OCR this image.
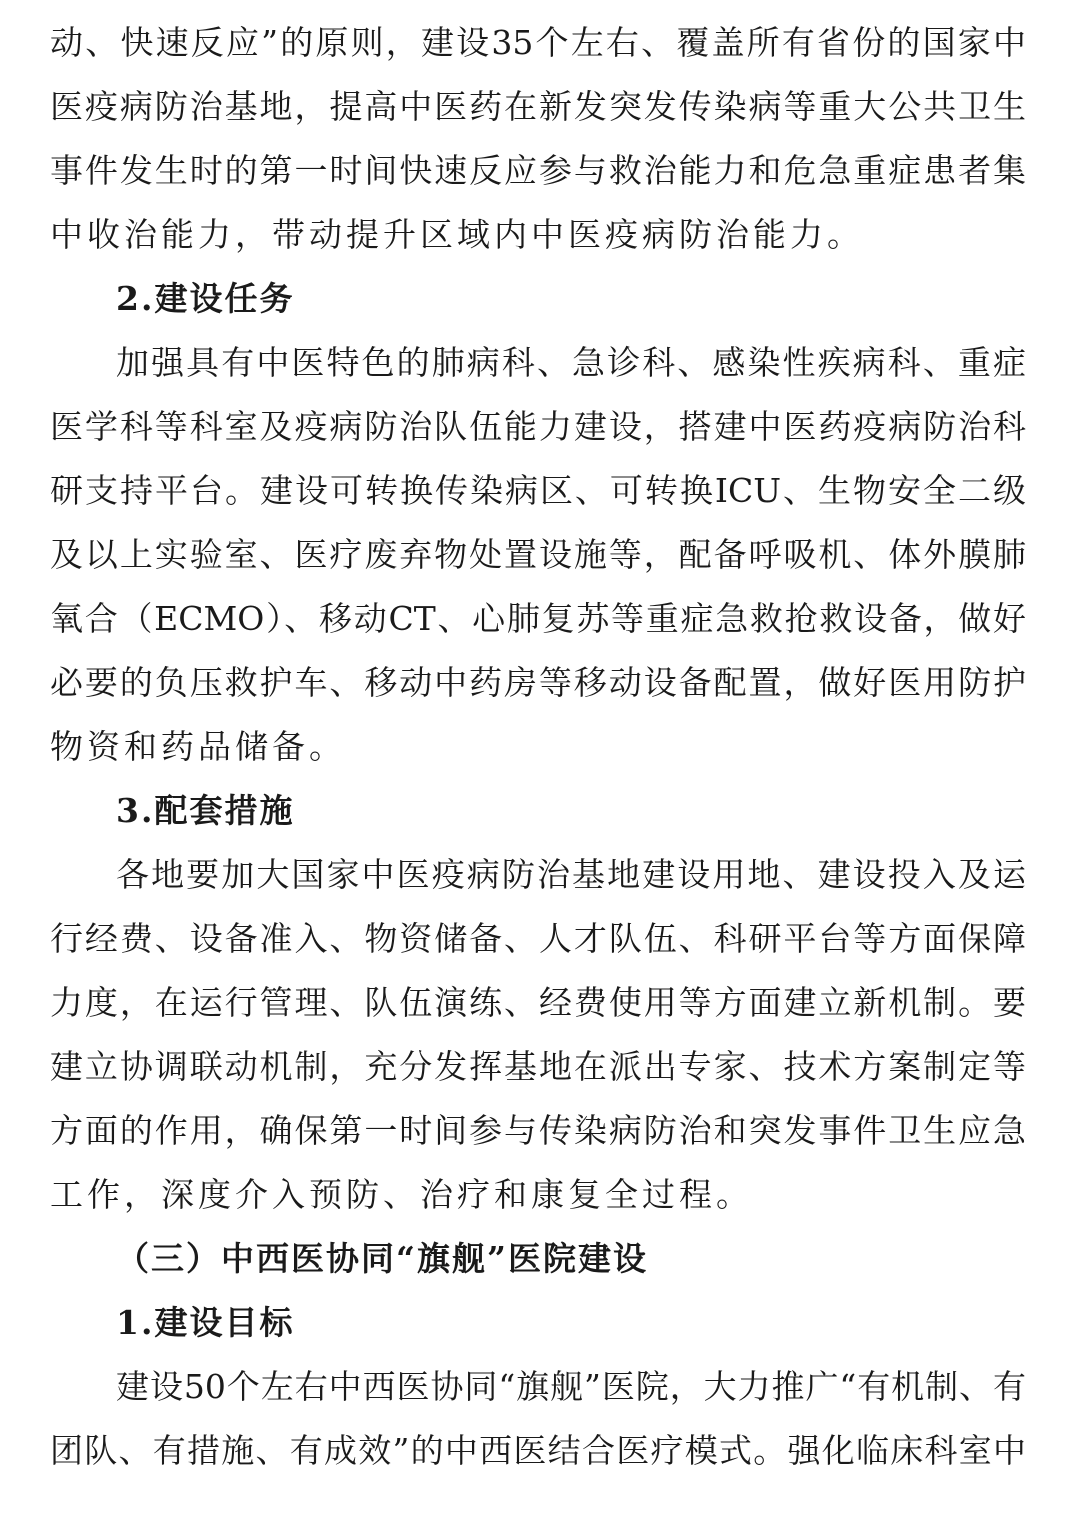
动、快速反应”的原则，建设35个左右、覆盖所有省份的国家中
医疫病防治基地，提高中医药在新发突发传染病等重大公共卫生
事件发生时的第一时间快速反应参与救治能力和危急重症患者集
中收治能力，带动提升区域内中医疫病防治能力。
2.建设任务
加强具有中医特色的肺病科、急诊科、感染性疾病科、重症
医学科等科室及疫病防治队伍能力建设，搭建中医药疫病防治科
研支持平台。建设可转换传染病区、可转换ICU、生物安全二级
及以上实验室、医疗废弃物处置设施等，配备呼吸机、体外膜肺
氧合（ECMO）、移动CT、心肺复苏等重症急救抢救设备，做好
必要的负压救护车、移动中药房等移动设备配置，做好医用防护
物资和药品储备。
3.配套措施
各地要加大国家中医疫病防治基地建设用地、建设投入及运
行经费、设备准入、物资储备、人才队伍、科研平台等方面保障
力度，在运行管理、队伍演练、经费使用等方面建立新机制。要
建立协调联动机制，充分发挥基地在派出专家、技术方案制定等
方面的作用，确保第一时间参与传染病防治和突发事件卫生应急
工作，深度介入预防、治疗和康复全过程。
（三）中西医协同“旗舰”医院建设
1.建设目标
建设50个左右中西医协同“旗舰”医院，大力推广“有机制、有
团队、有措施、有成效”的中西医结合医疗模式。强化临床科室中
